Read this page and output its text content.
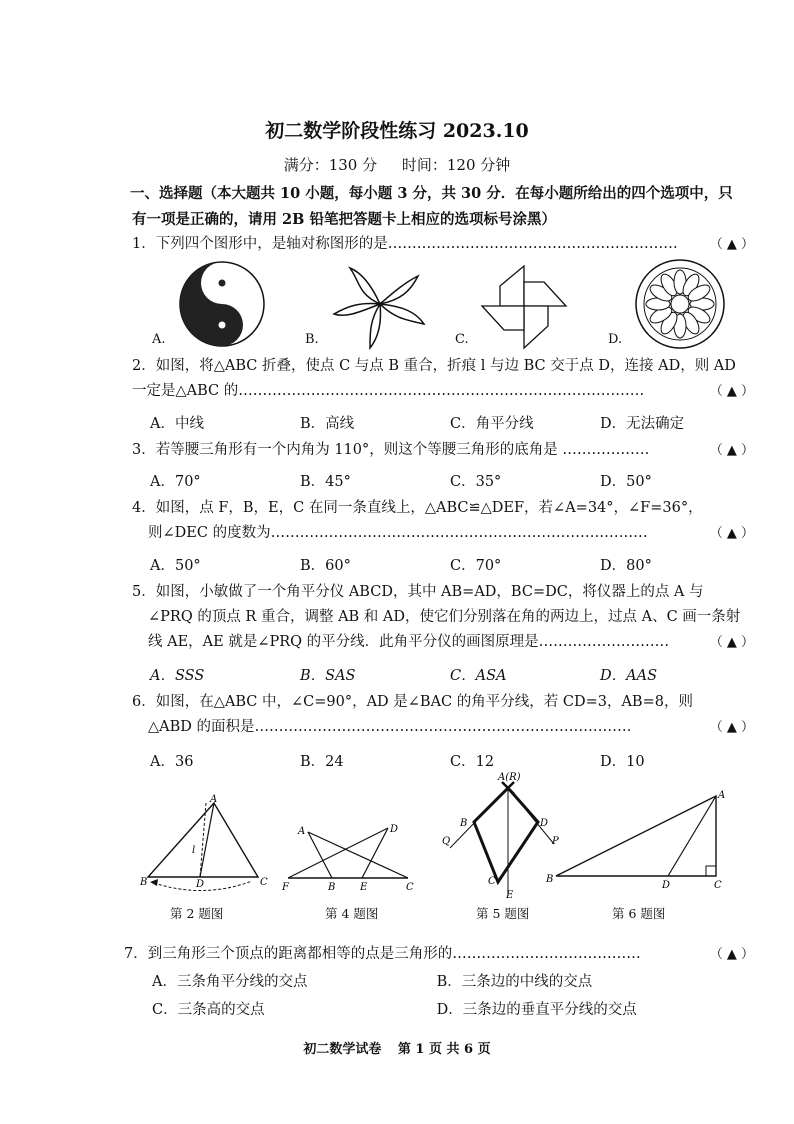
初二数学阶段性练习 2023.10
满分：130 分 时间：120 分钟
一、选择题（本大题共 10 小题，每小题 3 分，共 30 分．在每小题所给出的四个选项中，只
有一项是正确的，请用 2B 铅笔把答题卡上相应的选项标号涂黑）
1．下列四个图形中，是轴对称图形的是…………………………………………………… （ ▲ ）
A.	B.	C.	D.
2．如图，将△ABC 折叠，使点 C 与点 B 重合，折痕 l 与边 BC 交于点 D，连接 AD，则 AD
一定是△ABC 的…………………………………………………………………………	（ ▲ ）
A．中线	B．高线	C．角平分线	D．无法确定
3．若等腰三角形有一个内角为 110°，则这个等腰三角形的底角是 ………………	（ ▲ ）
A．70°	B．45°	C．35°	D．50°
4．如图，点 F，B，E，C 在同一条直线上，△ABC≌△DEF，若∠A=34°，∠F=36°，
则∠DEC 的度数为……………………………………………………………………	（ ▲ ）
A．50°	B．60°	C．70°	D．80°
5．如图，小敏做了一个角平分仪 ABCD，其中 AB=AD，BC=DC，将仪器上的点 A 与
∠PRQ 的顶点 R 重合，调整 AB 和 AD，使它们分别落在角的两边上，过点 A、C 画一条射
线 AE，AE 就是∠PRQ 的平分线．此角平分仪的画图原理是………………………	（ ▲ ）
A．SSS	B．SAS	C．ASA	D．AAS
6．如图，在△ABC 中，∠C=90°，AD 是∠BAC 的角平分线，若 CD=3，AB=8，则
△ABD 的面积是……………………………………………………………………	（ ▲ ）
A．36	B．24	C．12	D．10
A
B	D	C
l
第 2 题图
A	D
F	B E	C
第 4 题图
A(R)
B	D
Q	P
C
E
第 5 题图
A
B
D	C
第 6 题图
7．到三角形三个顶点的距离都相等的点是三角形的…………………………………	（ ▲ ）
A．三条角平分线的交点	B．三条边的中线的交点
C．三条高的交点	D．三条边的垂直平分线的交点
初二数学试卷 第 1 页 共 6 页
